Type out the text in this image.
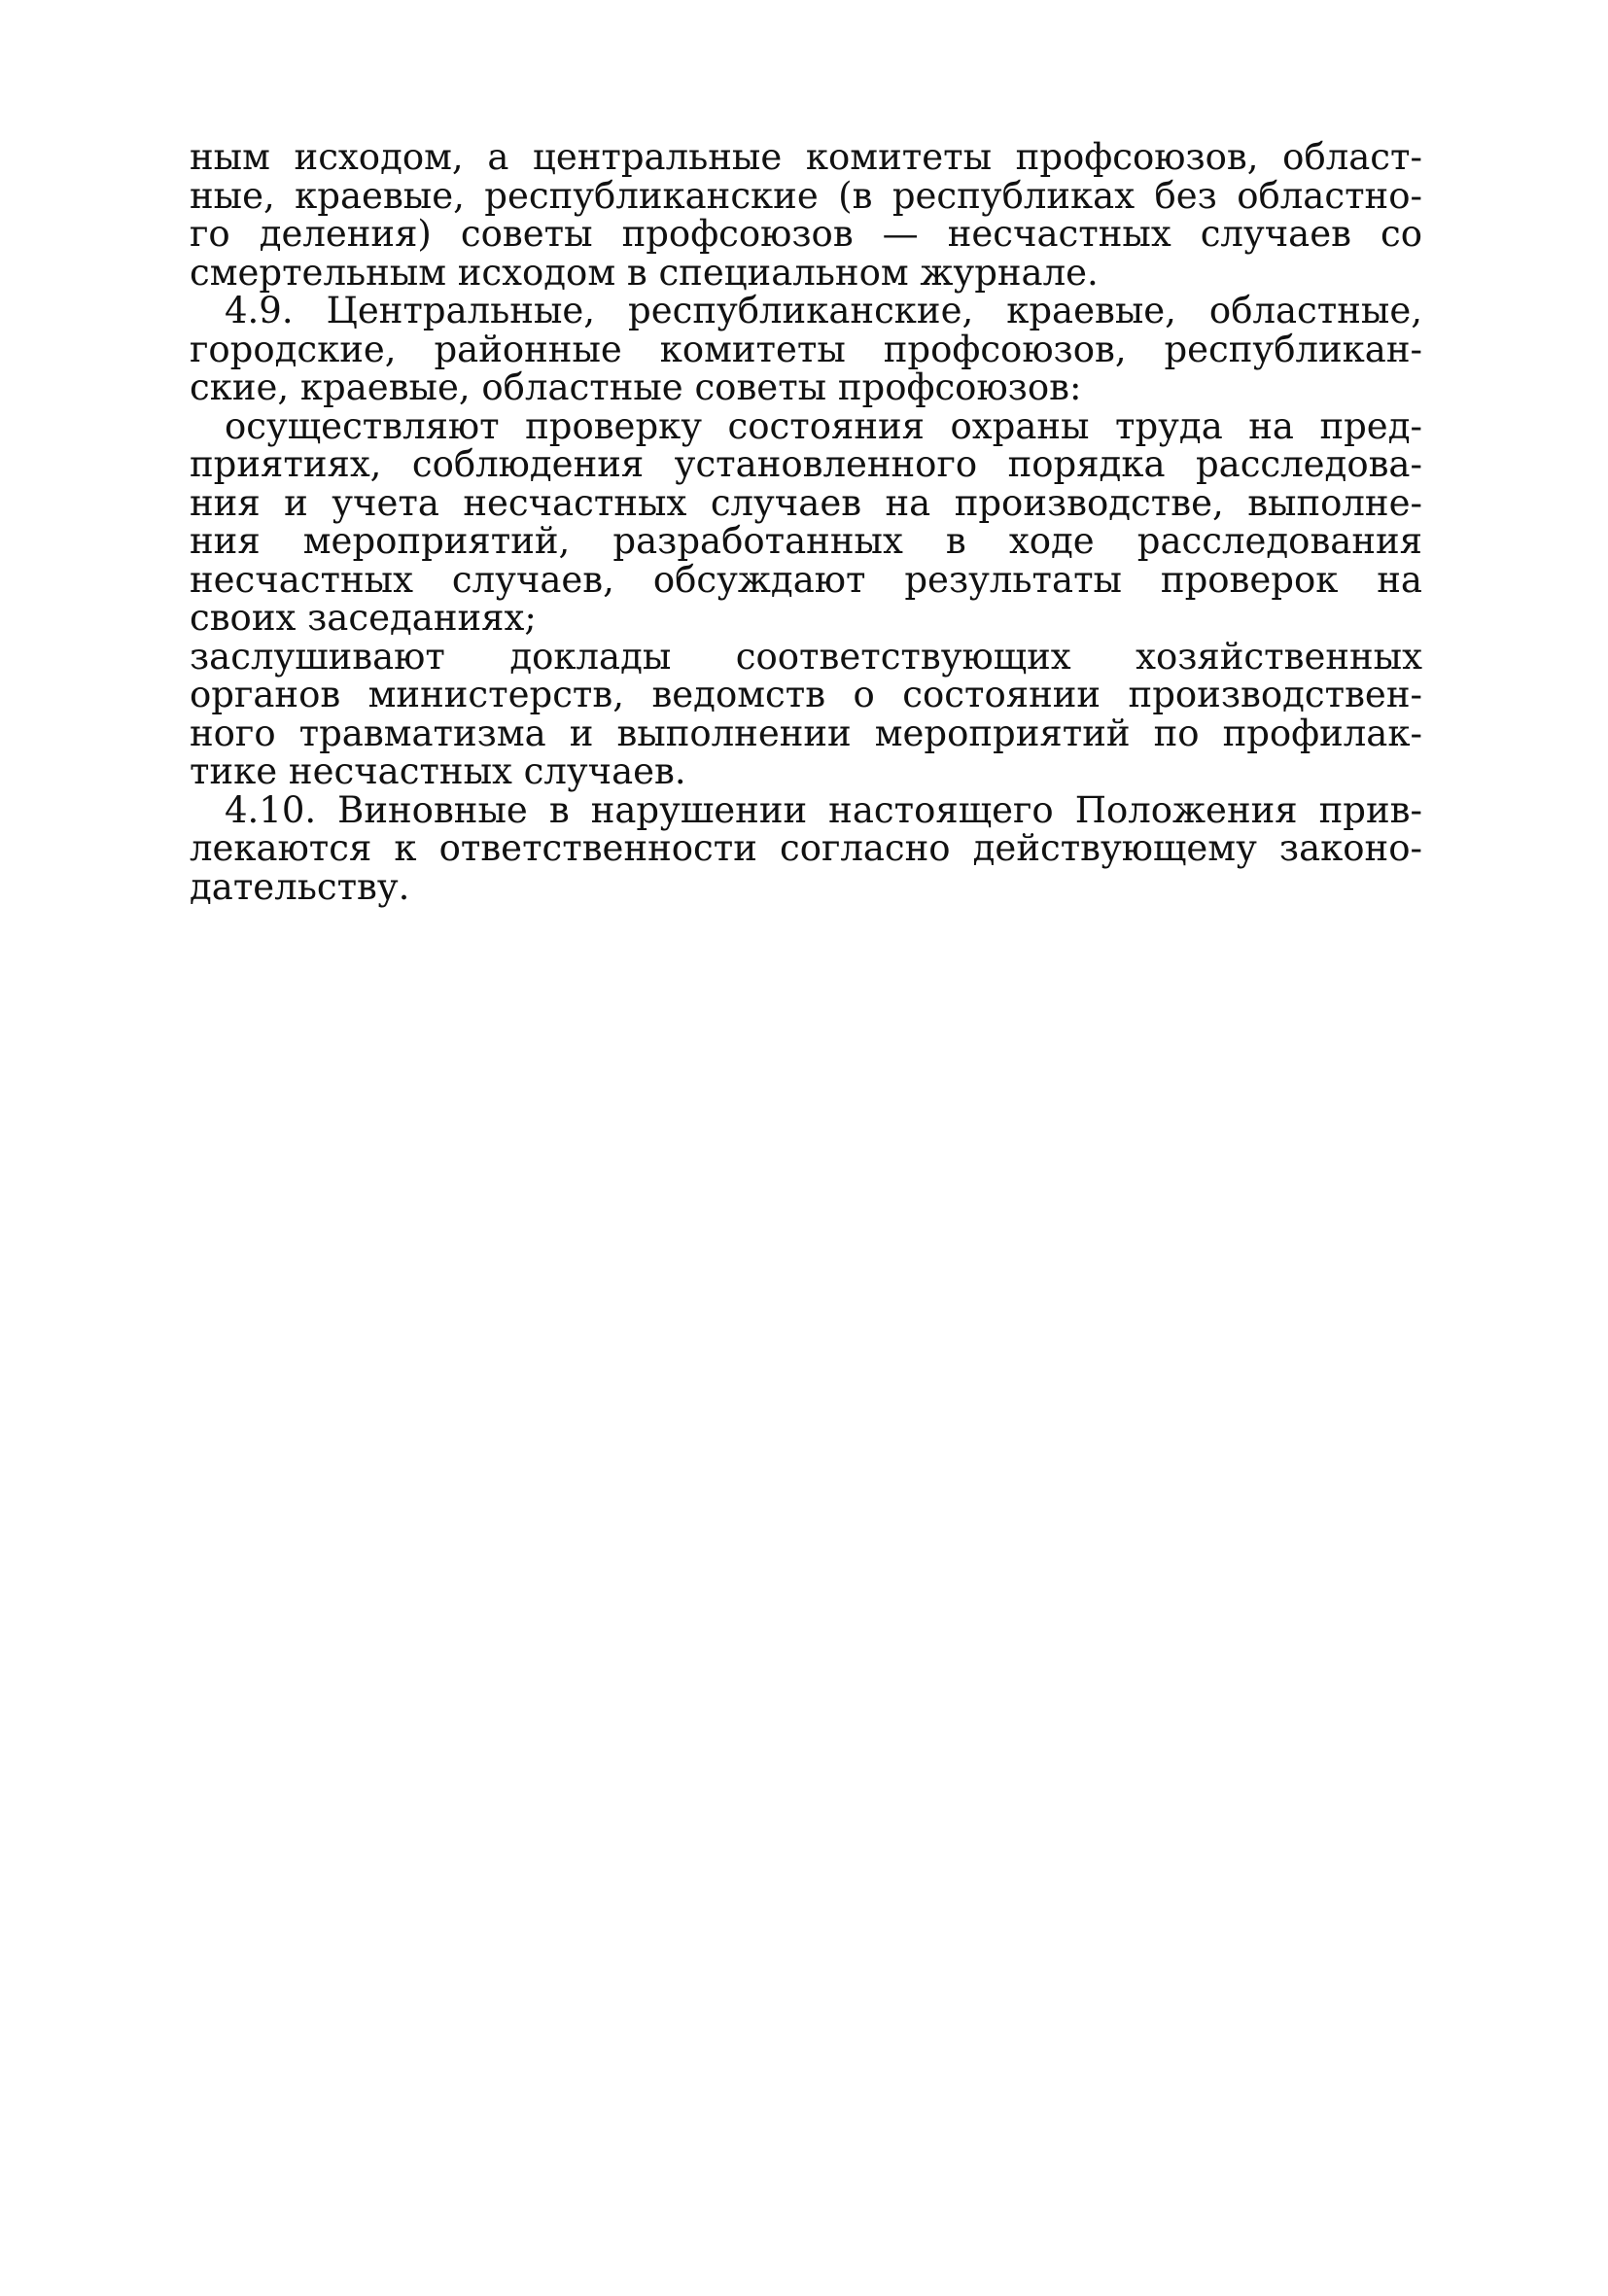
ным исходом, а центральные комитеты профсоюзов, област-
ные, краевые, республиканские (в республиках без областно-
го деления) советы профсоюзов — несчастных случаев со
смертельным исходом в специальном журнале.
4.9. Центральные, республиканские, краевые, областные,
городские, районные комитеты профсоюзов, республикан-
ские, краевые, областные советы профсоюзов:
осуществляют проверку состояния охраны труда на пред-
приятиях, соблюдения установленного порядка расследова-
ния и учета несчастных случаев на производстве, выполне-
ния мероприятий, разработанных в ходе расследования
несчастных случаев, обсуждают результаты проверок на
своих заседаниях;
заслушивают доклады соответствующих хозяйственных
органов министерств, ведомств о состоянии производствен-
ного травматизма и выполнении мероприятий по профилак-
тике несчастных случаев.
4.10. Виновные в нарушении настоящего Положения прив-
лекаются к ответственности согласно действующему законо-
дательству.
